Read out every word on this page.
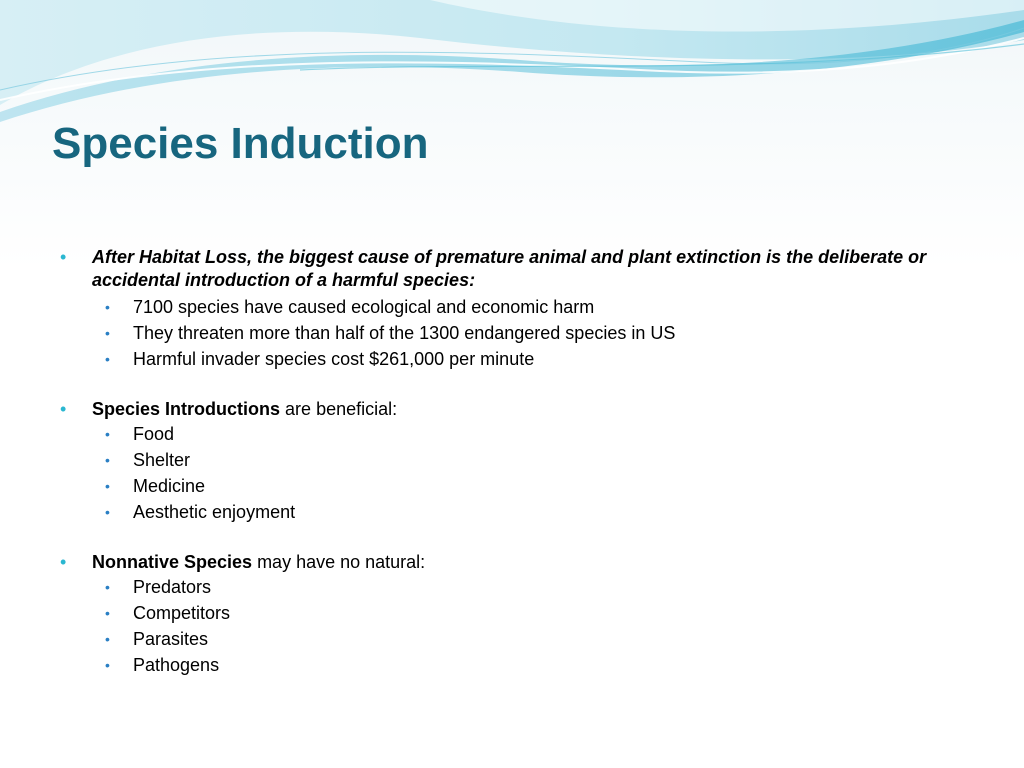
Species Induction
• After Habitat Loss, the biggest cause of premature animal and plant extinction is the deliberate or accidental introduction of a harmful species:
• 7100 species have caused ecological and economic harm
• They threaten more than half of the 1300 endangered species in US
• Harmful invader species cost $261,000 per minute
• Species Introductions are beneficial:
• Food
• Shelter
• Medicine
• Aesthetic enjoyment
• Nonnative Species may have no natural:
• Predators
• Competitors
• Parasites
• Pathogens
